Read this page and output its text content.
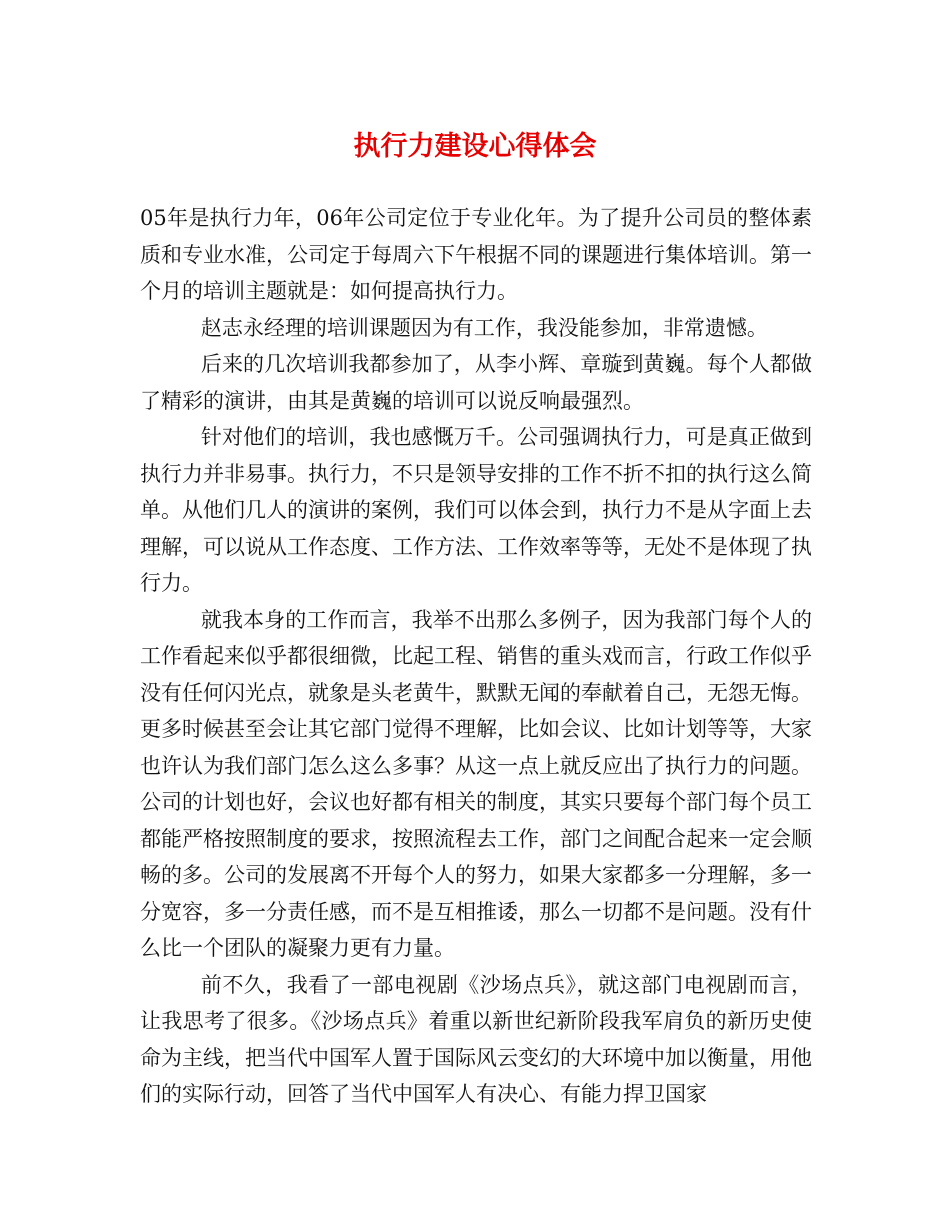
执行力建设心得体会

05年是执行力年，06年公司定位于专业化年。为了提升公司员的整体素质和专业水准，公司定于每周六下午根据不同的课题进行集体培训。第一个月的培训主题就是：如何提高执行力。

赵志永经理的培训课题因为有工作，我没能参加，非常遗憾。

后来的几次培训我都参加了，从李小辉、章璇到黄巍。每个人都做了精彩的演讲，由其是黄巍的培训可以说反响最强烈。

针对他们的培训，我也感慨万千。公司强调执行力，可是真正做到执行力并非易事。执行力，不只是领导安排的工作不折不扣的执行这么简单。从他们几人的演讲的案例，我们可以体会到，执行力不是从字面上去理解，可以说从工作态度、工作方法、工作效率等等，无处不是体现了执行力。

就我本身的工作而言，我举不出那么多例子，因为我部门每个人的工作看起来似乎都很细微，比起工程、销售的重头戏而言，行政工作似乎没有任何闪光点，就象是头老黄牛，默默无闻的奉献着自己，无怨无悔。更多时候甚至会让其它部门觉得不理解，比如会议、比如计划等等，大家也许认为我们部门怎么这么多事？从这一点上就反应出了执行力的问题。公司的计划也好，会议也好都有相关的制度，其实只要每个部门每个员工都能严格按照制度的要求，按照流程去工作，部门之间配合起来一定会顺畅的多。公司的发展离不开每个人的努力，如果大家都多一分理解，多一分宽容，多一分责任感，而不是互相推诿，那么一切都不是问题。没有什么比一个团队的凝聚力更有力量。

前不久，我看了一部电视剧《沙场点兵》，就这部门电视剧而言，让我思考了很多。《沙场点兵》着重以新世纪新阶段我军肩负的新历史使命为主线，把当代中国军人置于国际风云变幻的大环境中加以衡量，用他们的实际行动，回答了当代中国军人有决心、有能力捍卫国家
